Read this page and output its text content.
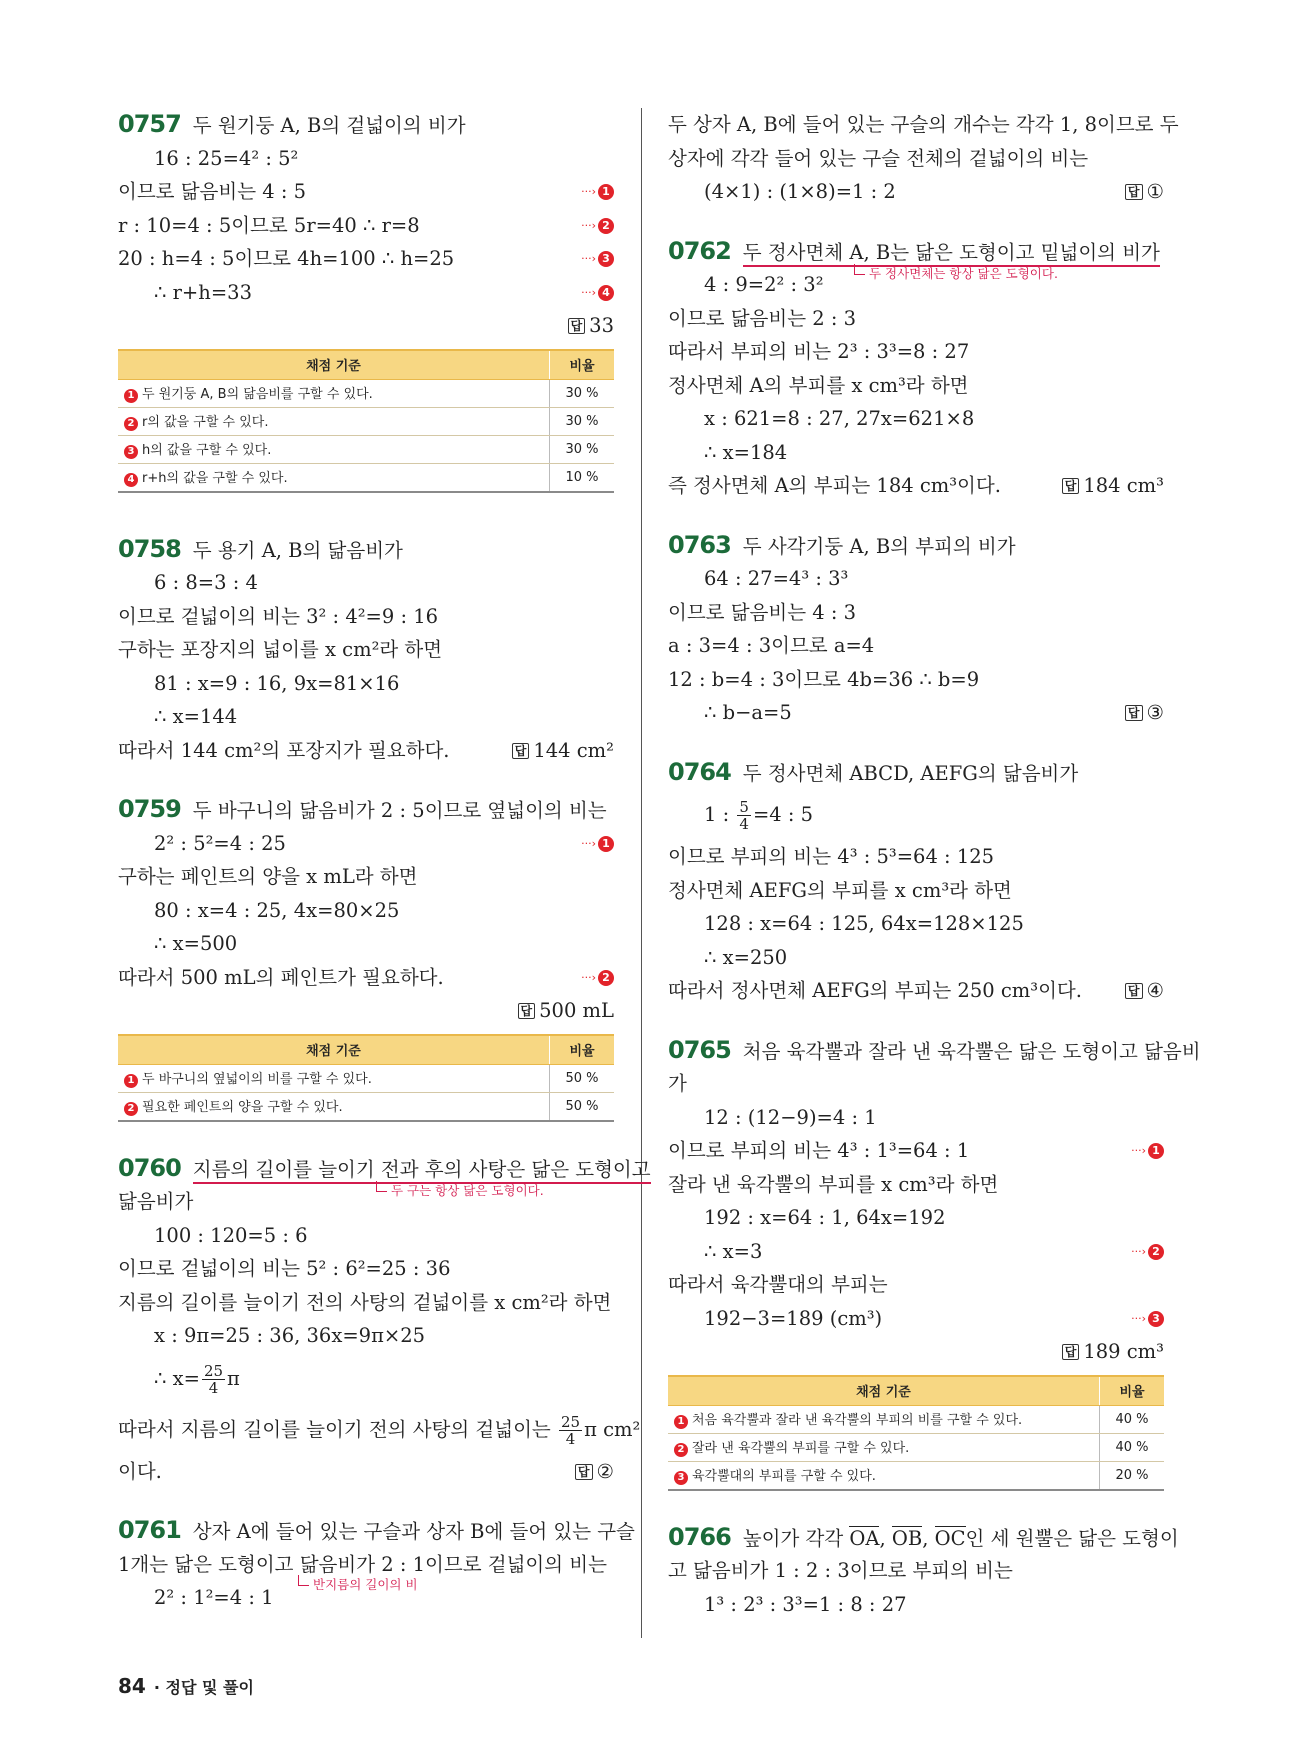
0757 두 원기둥 A, B의 겉넓이의 비가
16 : 25=4² : 5²
이므로 닮음비는 4 : 5	···› 1
r : 10=4 : 5이므로 5r=40 ∴ r=8	···› 2
20 : h=4 : 5이므로 4h=100 ∴ h=25	···› 3
∴ r+h=33	···› 4
답 33
채점 기준	비율
1 두 원기둥 A, B의 닮음비를 구할 수 있다.	30 %
2 r의 값을 구할 수 있다.	30 %
3 h의 값을 구할 수 있다.	30 %
4 r+h의 값을 구할 수 있다.	10 %
0758 두 용기 A, B의 닮음비가
6 : 8=3 : 4
이므로 겉넓이의 비는 3² : 4²=9 : 16
구하는 포장지의 넓이를 x cm²라 하면
81 : x=9 : 16, 9x=81×16
∴ x=144
따라서 144 cm²의 포장지가 필요하다.	답 144 cm²
0759 두 바구니의 닮음비가 2 : 5이므로 옆넓이의 비는
2² : 5²=4 : 25	···› 1
구하는 페인트의 양을 x mL라 하면
80 : x=4 : 25, 4x=80×25
∴ x=500
따라서 500 mL의 페인트가 필요하다.	···› 2
답 500 mL
채점 기준	비율
1 두 바구니의 옆넓이의 비를 구할 수 있다.	50 %
2 필요한 페인트의 양을 구할 수 있다.	50 %
0760 지름의 길이를 늘이기 전과 후의 사탕은 닮은 도형이고
두 구는 항상 닮은 도형이다.
닮음비가
100 : 120=5 : 6
이므로 겉넓이의 비는 5² : 6²=25 : 36
지름의 길이를 늘이기 전의 사탕의 겉넓이를 x cm²라 하면
x : 9π=25 : 36, 36x=9π×25
∴ $x= \frac{25}{4}$ π
따라서 지름의 길이를 늘이기 전의 사탕의 겉넓이는 $\frac{25}{4}$ π cm²
이다.	답 ②
0761 상자 A에 들어 있는 구슬과 상자 B에 들어 있는 구슬
1개는 닮은 도형이고 닮음비가 2 : 1이므로 겉넓이의 비는
반지름의 길이의 비
2² : 1²=4 : 1
두 상자 A, B에 들어 있는 구슬의 개수는 각각 1, 8이므로 두
상자에 각각 들어 있는 구슬 전체의 겉넓이의 비는
(4×1) : (1×8)=1 : 2	답 ①
0762 두 정사면체 A, B는 닮은 도형이고 밑넓이의 비가
두 정사면체는 항상 닮은 도형이다.
4 : 9=2² : 3²
이므로 닮음비는 2 : 3
따라서 부피의 비는 2³ : 3³=8 : 27
정사면체 A의 부피를 x cm³라 하면
x : 621=8 : 27, 27x=621×8
∴ x=184
즉 정사면체 A의 부피는 184 cm³이다.	답 184 cm³
0763 두 사각기둥 A, B의 부피의 비가
64 : 27=4³ : 3³
이므로 닮음비는 4 : 3
a : 3=4 : 3이므로 a=4
12 : b=4 : 3이므로 4b=36 ∴ b=9
∴ b−a=5	답 ③
0764 두 정사면체 ABCD, AEFG의 닮음비가
1 : $\frac{5}{4} =4$ : 5
이므로 부피의 비는 4³ : 5³=64 : 125
정사면체 AEFG의 부피를 x cm³라 하면
128 : x=64 : 125, 64x=128×125
∴ x=250
따라서 정사면체 AEFG의 부피는 250 cm³이다.	답 ④
0765 처음 육각뿔과 잘라 낸 육각뿔은 닮은 도형이고 닮음비
가
12 : (12−9)=4 : 1
이므로 부피의 비는 4³ : 1³=64 : 1	···› 1
잘라 낸 육각뿔의 부피를 x cm³라 하면
192 : x=64 : 1, 64x=192
∴ x=3	···› 2
따라서 육각뿔대의 부피는
192−3=189 (cm³)	···› 3
답 189 cm³
채점 기준	비율
1 처음 육각뿔과 잘라 낸 육각뿔의 부피의 비를 구할 수 있다.	40 %
2 잘라 낸 육각뿔의 부피를 구할 수 있다.	40 %
3 육각뿔대의 부피를 구할 수 있다.	20 %
0766 높이가 각각 OA, OB, OC인 세 원뿔은 닮은 도형이
고 닮음비가 1 : 2 : 3이므로 부피의 비는
1³ : 2³ : 3³=1 : 8 : 27
84 · 정답 및 풀이
